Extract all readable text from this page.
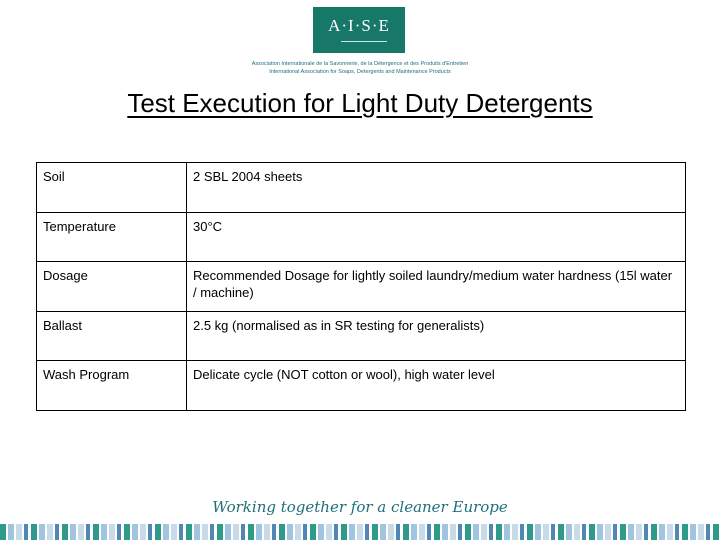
A·I·S·E
Association Internationale de la Savonnerie, de la Détergence et des Produits d'Entretien
International Association for Soaps, Detergents and Maintenance Products
Test Execution for Light Duty Detergents
Soil	2 SBL 2004 sheets
Temperature	30°C
Dosage	Recommended Dosage for lightly soiled laundry/medium water hardness (15l water / machine)
Ballast	2.5 kg (normalised as in SR testing for generalists)
Wash Program	Delicate cycle (NOT cotton or wool), high water level
Working together for a cleaner Europe
